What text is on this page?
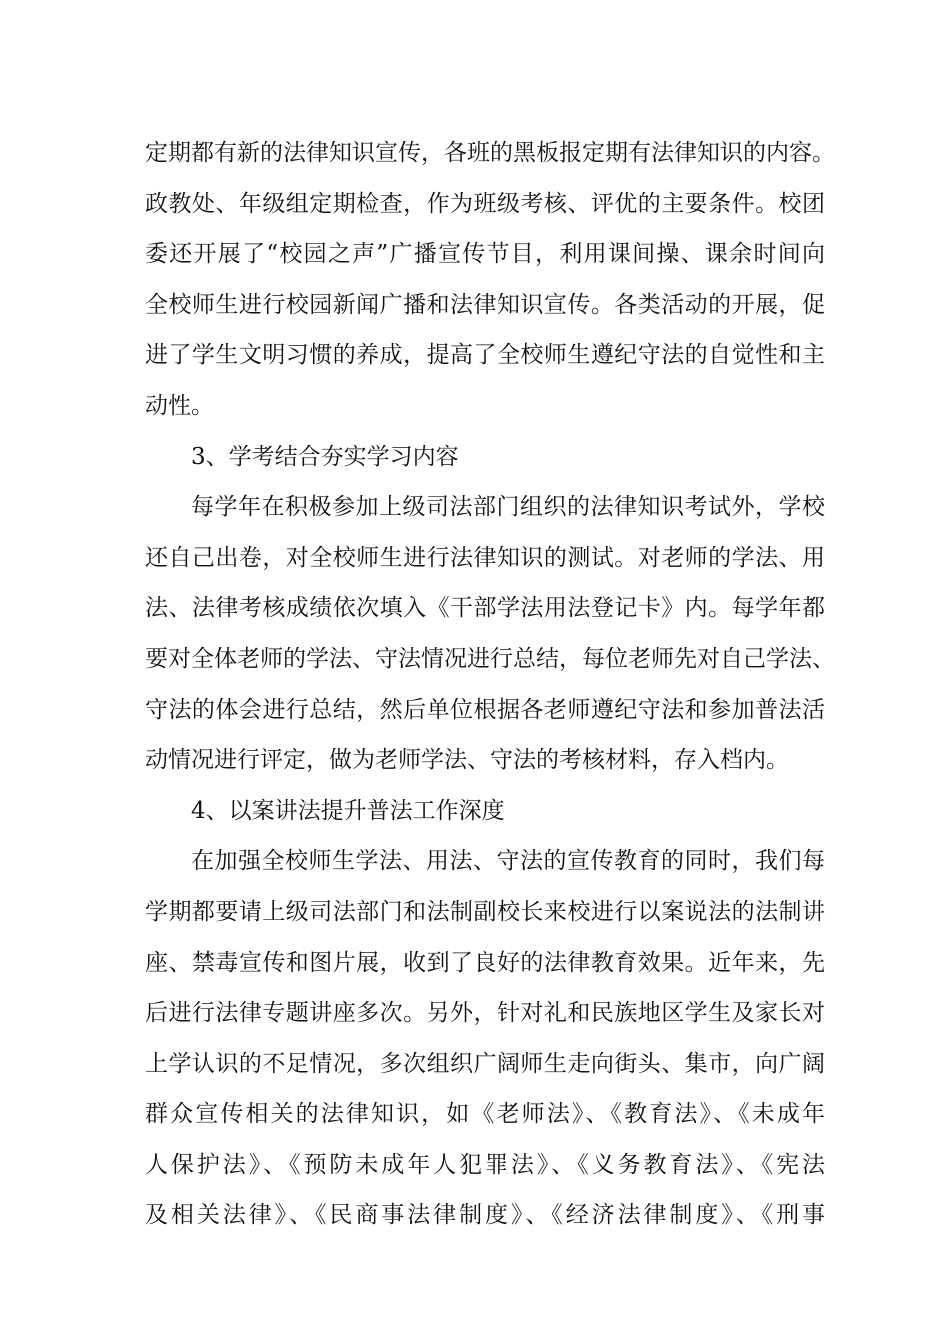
定期都有新的法律知识宣传，各班的黑板报定期有法律知识的内容。
政教处、年级组定期检查，作为班级考核、评优的主要条件。校团
委还开展了“校园之声”广播宣传节目，利用课间操、课余时间向
全校师生进行校园新闻广播和法律知识宣传。各类活动的开展，促
进了学生文明习惯的养成，提高了全校师生遵纪守法的自觉性和主
动性。
3、学考结合夯实学习内容
每学年在积极参加上级司法部门组织的法律知识考试外，学校
还自己出卷，对全校师生进行法律知识的测试。对老师的学法、用
法、法律考核成绩依次填入《干部学法用法登记卡》内。每学年都
要对全体老师的学法、守法情况进行总结，每位老师先对自己学法、
守法的体会进行总结，然后单位根据各老师遵纪守法和参加普法活
动情况进行评定，做为老师学法、守法的考核材料，存入档内。
4、以案讲法提升普法工作深度
在加强全校师生学法、用法、守法的宣传教育的同时，我们每
学期都要请上级司法部门和法制副校长来校进行以案说法的法制讲
座、禁毒宣传和图片展，收到了良好的法律教育效果。近年来，先
后进行法律专题讲座多次。另外，针对礼和民族地区学生及家长对
上学认识的不足情况，多次组织广阔师生走向街头、集市，向广阔
群众宣传相关的法律知识，如《老师法》、《教育法》、《未成年
人保护法》、《预防未成年人犯罪法》、《义务教育法》、《宪法
及相关法律》、《民商事法律制度》、《经济法律制度》、《刑事
